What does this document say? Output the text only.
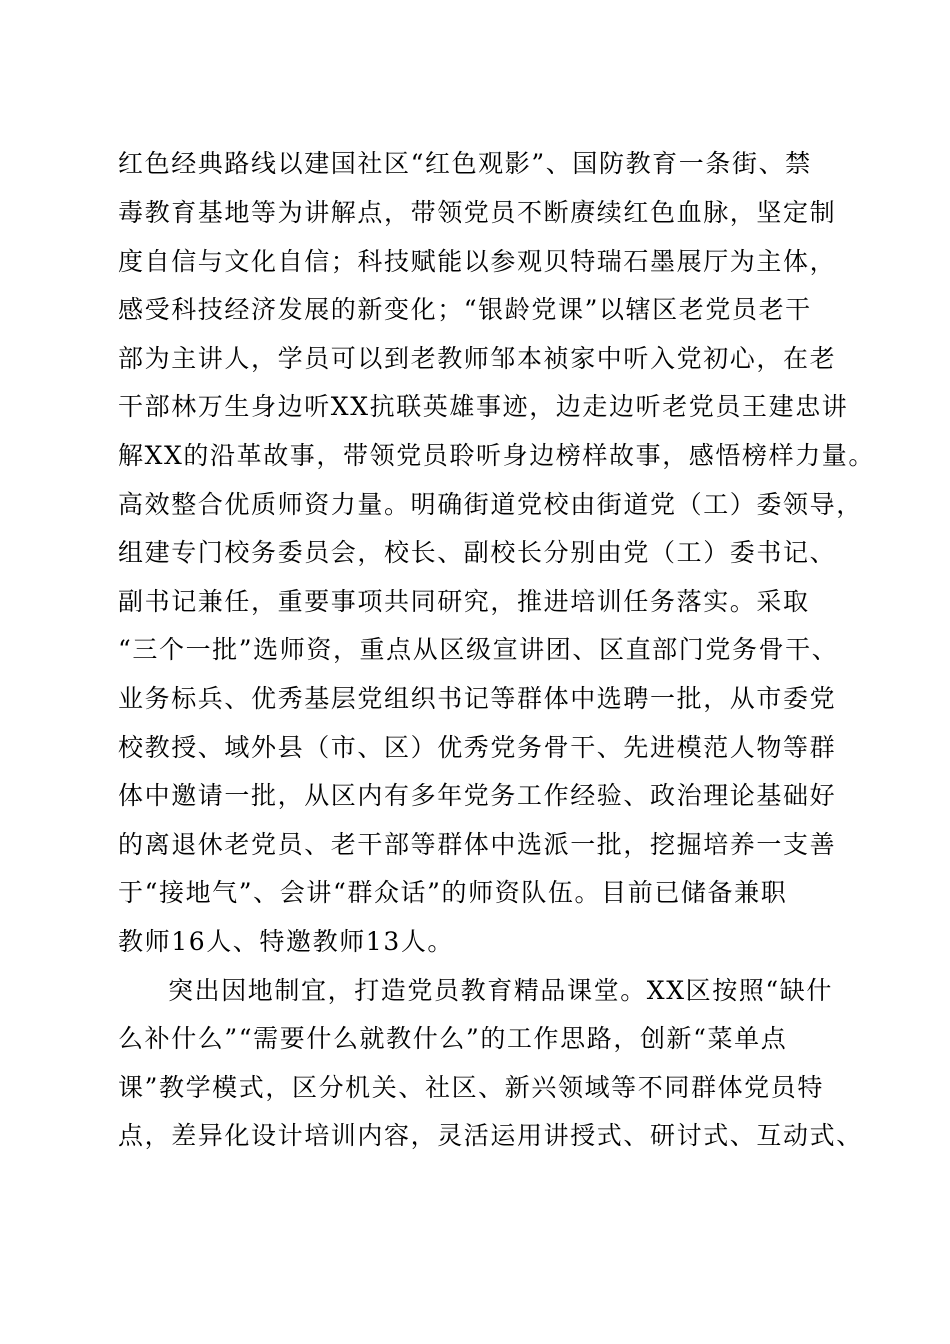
红色经典路线以建国社区“红色观影”、国防教育一条街、禁
毒教育基地等为讲解点，带领党员不断赓续红色血脉，坚定制
度自信与文化自信；科技赋能以参观贝特瑞石墨展厅为主体，
感受科技经济发展的新变化；“银龄党课”以辖区老党员老干
部为主讲人，学员可以到老教师邹本祯家中听入党初心，在老
干部林万生身边听XX抗联英雄事迹，边走边听老党员王建忠讲
解XX的沿革故事，带领党员聆听身边榜样故事，感悟榜样力量。
高效整合优质师资力量。明确街道党校由街道党（工）委领导，
组建专门校务委员会，校长、副校长分别由党（工）委书记、
副书记兼任，重要事项共同研究，推进培训任务落实。采取
“三个一批”选师资，重点从区级宣讲团、区直部门党务骨干、
业务标兵、优秀基层党组织书记等群体中选聘一批，从市委党
校教授、域外县（市、区）优秀党务骨干、先进模范人物等群
体中邀请一批，从区内有多年党务工作经验、政治理论基础好
的离退休老党员、老干部等群体中选派一批，挖掘培养一支善
于“接地气”、会讲“群众话”的师资队伍。目前已储备兼职
教师16人、特邀教师13人。
突出因地制宜，打造党员教育精品课堂。XX区按照“缺什
么补什么”“需要什么就教什么”的工作思路，创新“菜单点
课”教学模式，区分机关、社区、新兴领域等不同群体党员特
点，差异化设计培训内容，灵活运用讲授式、研讨式、互动式、
